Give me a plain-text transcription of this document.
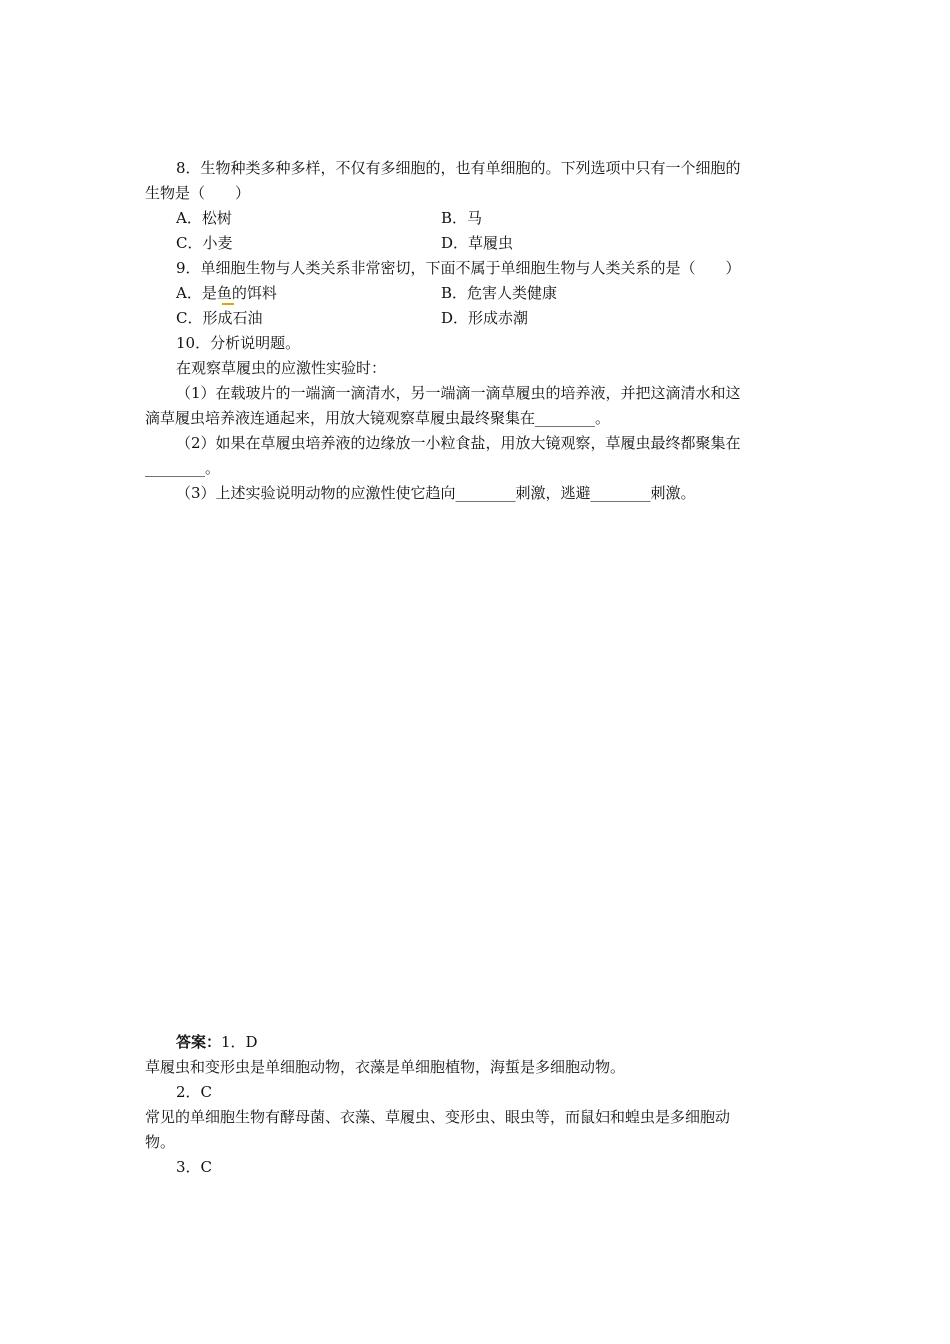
8．生物种类多种多样，不仅有多细胞的，也有单细胞的。下列选项中只有一个细胞的
生物是（　　）
A．松树	B．马
C．小麦	D．草履虫
9．单细胞生物与人类关系非常密切，下面不属于单细胞生物与人类关系的是（　　）
A．是鱼的饵料	B．危害人类健康
C．形成石油	D．形成赤潮
10．分析说明题。
在观察草履虫的应激性实验时：
（1）在载玻片的一端滴一滴清水，另一端滴一滴草履虫的培养液，并把这滴清水和这
滴草履虫培养液连通起来，用放大镜观察草履虫最终聚集在________。
（2）如果在草履虫培养液的边缘放一小粒食盐，用放大镜观察，草履虫最终都聚集在
________。
（3）上述实验说明动物的应激性使它趋向________刺激，逃避________刺激。
答案：1．D
草履虫和变形虫是单细胞动物，衣藻是单细胞植物，海蜇是多细胞动物。
2．C
常见的单细胞生物有酵母菌、衣藻、草履虫、变形虫、眼虫等，而鼠妇和蝗虫是多细胞动
物。
3．C
